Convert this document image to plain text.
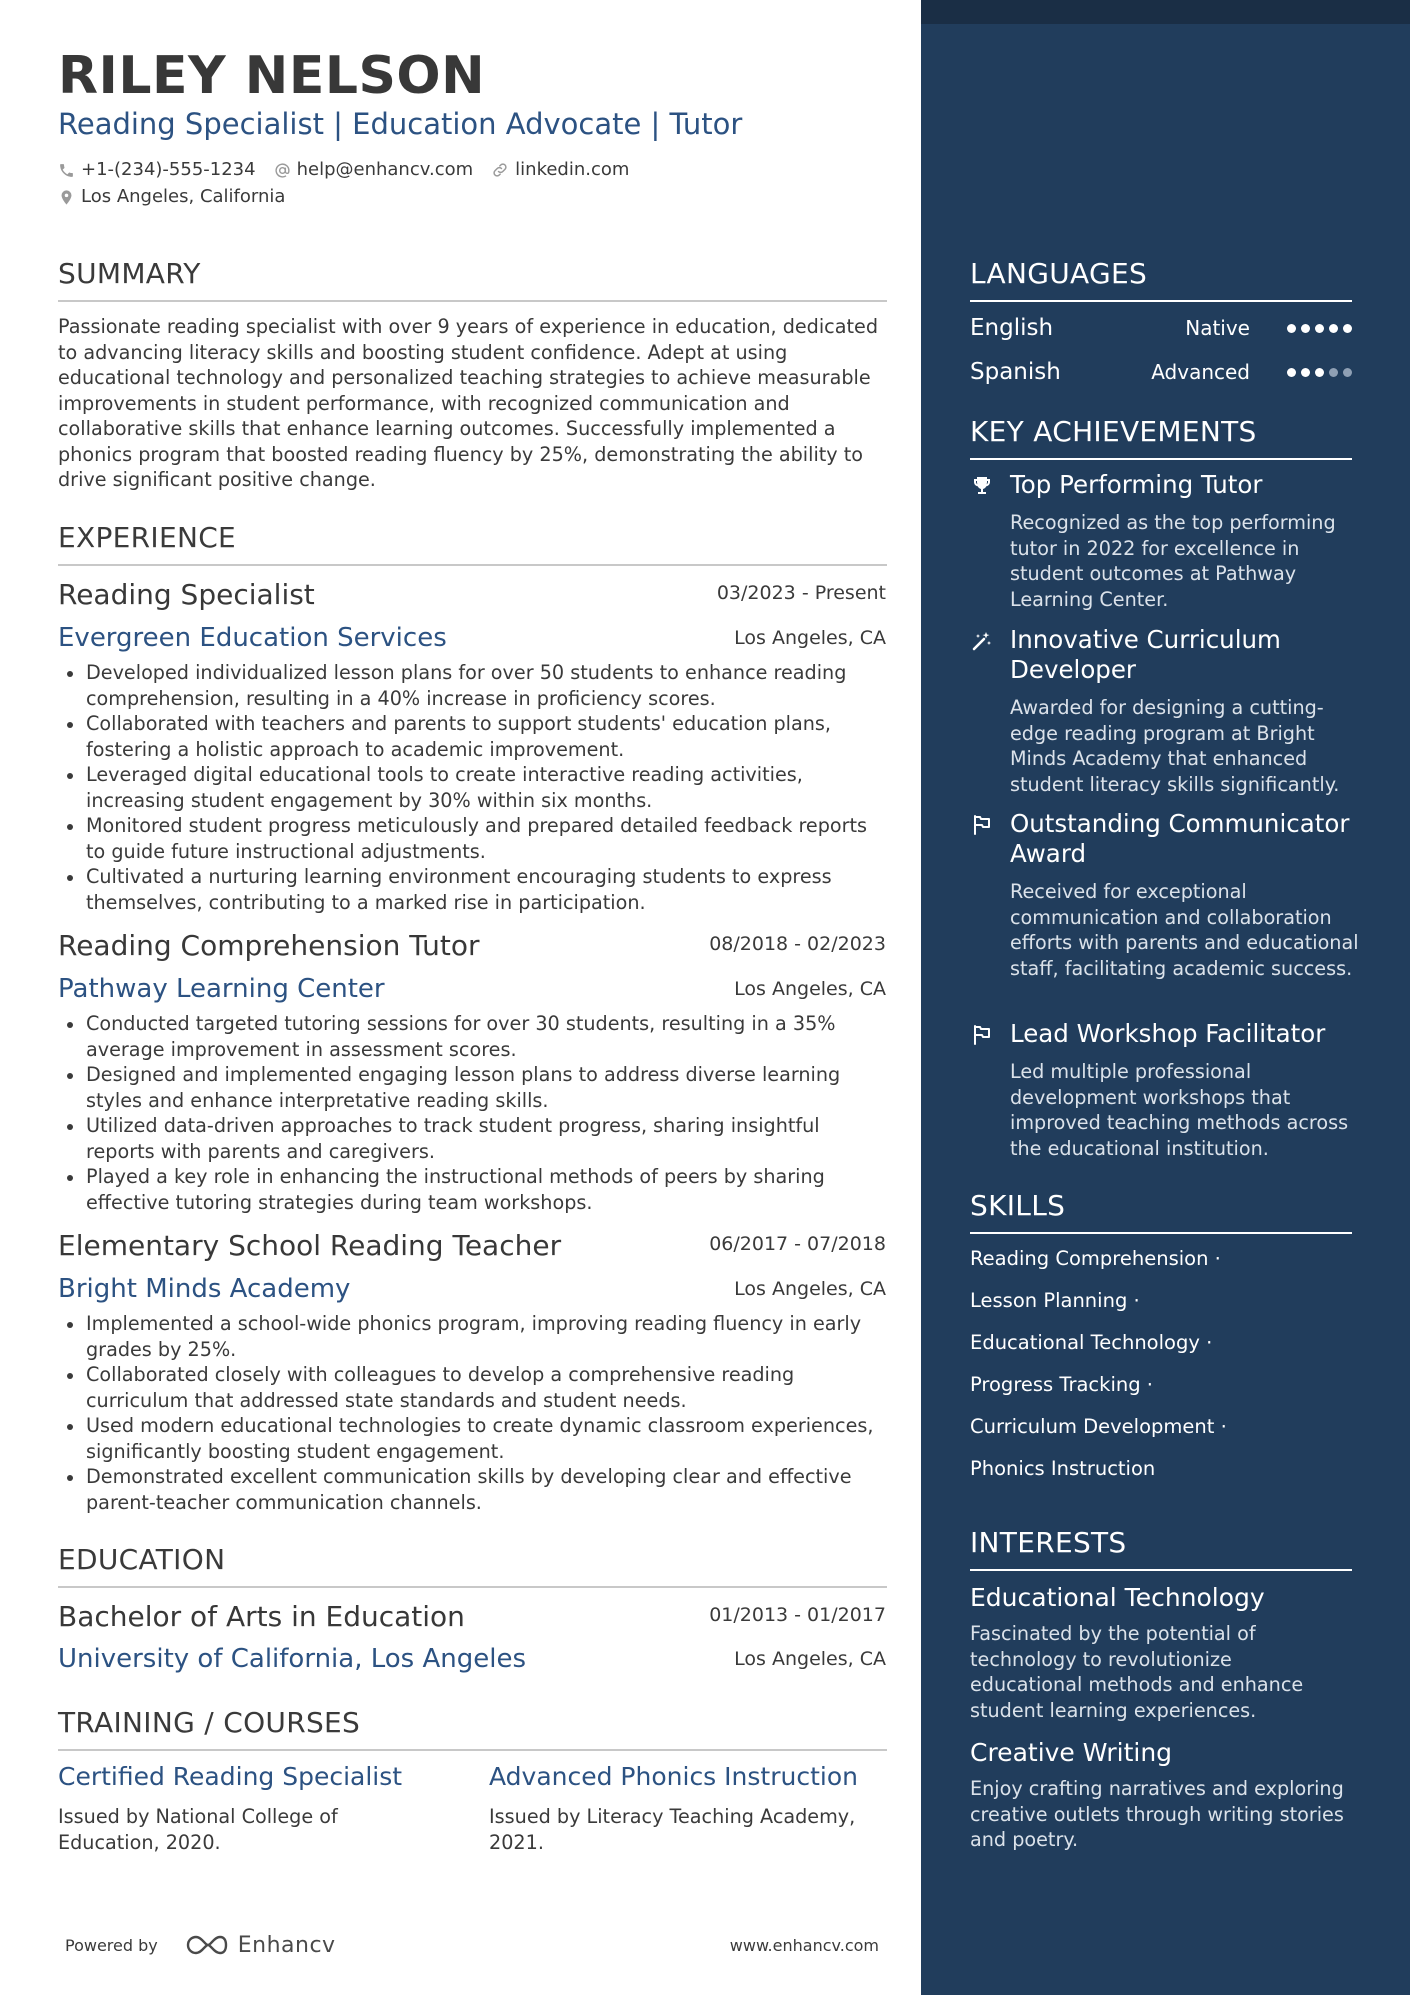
RILEY NELSON
Reading Specialist | Education Advocate | Tutor
+1-(234)-555-1234 help@enhancv.com linkedin.com
Los Angeles, California
SUMMARY
Passionate reading specialist with over 9 years of experience in education, dedicated to advancing literacy skills and boosting student confidence. Adept at using educational technology and personalized teaching strategies to achieve measurable improvements in student performance, with recognized communication and collaborative skills that enhance learning outcomes. Successfully implemented a phonics program that boosted reading fluency by 25%, demonstrating the ability to drive significant positive change.
EXPERIENCE
Reading Specialist	03/2023 - Present
Evergreen Education Services	Los Angeles, CA
Developed individualized lesson plans for over 50 students to enhance reading comprehension, resulting in a 40% increase in proficiency scores.
Collaborated with teachers and parents to support students' education plans, fostering a holistic approach to academic improvement.
Leveraged digital educational tools to create interactive reading activities, increasing student engagement by 30% within six months.
Monitored student progress meticulously and prepared detailed feedback reports to guide future instructional adjustments.
Cultivated a nurturing learning environment encouraging students to express themselves, contributing to a marked rise in participation.
Reading Comprehension Tutor	08/2018 - 02/2023
Pathway Learning Center	Los Angeles, CA
Conducted targeted tutoring sessions for over 30 students, resulting in a 35% average improvement in assessment scores.
Designed and implemented engaging lesson plans to address diverse learning styles and enhance interpretative reading skills.
Utilized data-driven approaches to track student progress, sharing insightful reports with parents and caregivers.
Played a key role in enhancing the instructional methods of peers by sharing effective tutoring strategies during team workshops.
Elementary School Reading Teacher	06/2017 - 07/2018
Bright Minds Academy	Los Angeles, CA
Implemented a school-wide phonics program, improving reading fluency in early grades by 25%.
Collaborated closely with colleagues to develop a comprehensive reading curriculum that addressed state standards and student needs.
Used modern educational technologies to create dynamic classroom experiences, significantly boosting student engagement.
Demonstrated excellent communication skills by developing clear and effective parent-teacher communication channels.
EDUCATION
Bachelor of Arts in Education	01/2013 - 01/2017
University of California, Los Angeles	Los Angeles, CA
TRAINING / COURSES
Certified Reading Specialist
Issued by National College of Education, 2020.
Advanced Phonics Instruction
Issued by Literacy Teaching Academy, 2021.
Powered by	Enhancv	www.enhancv.com
LANGUAGES
English	Native
Spanish	Advanced
KEY ACHIEVEMENTS
Top Performing Tutor
Recognized as the top performing tutor in 2022 for excellence in student outcomes at Pathway Learning Center.
Innovative Curriculum Developer
Awarded for designing a cutting-edge reading program at Bright Minds Academy that enhanced student literacy skills significantly.
Outstanding Communicator Award
Received for exceptional communication and collaboration efforts with parents and educational staff, facilitating academic success.
Lead Workshop Facilitator
Led multiple professional development workshops that improved teaching methods across the educational institution.
SKILLS
Reading Comprehension ·
Lesson Planning ·
Educational Technology ·
Progress Tracking ·
Curriculum Development ·
Phonics Instruction
INTERESTS
Educational Technology
Fascinated by the potential of technology to revolutionize educational methods and enhance student learning experiences.
Creative Writing
Enjoy crafting narratives and exploring creative outlets through writing stories and poetry.
